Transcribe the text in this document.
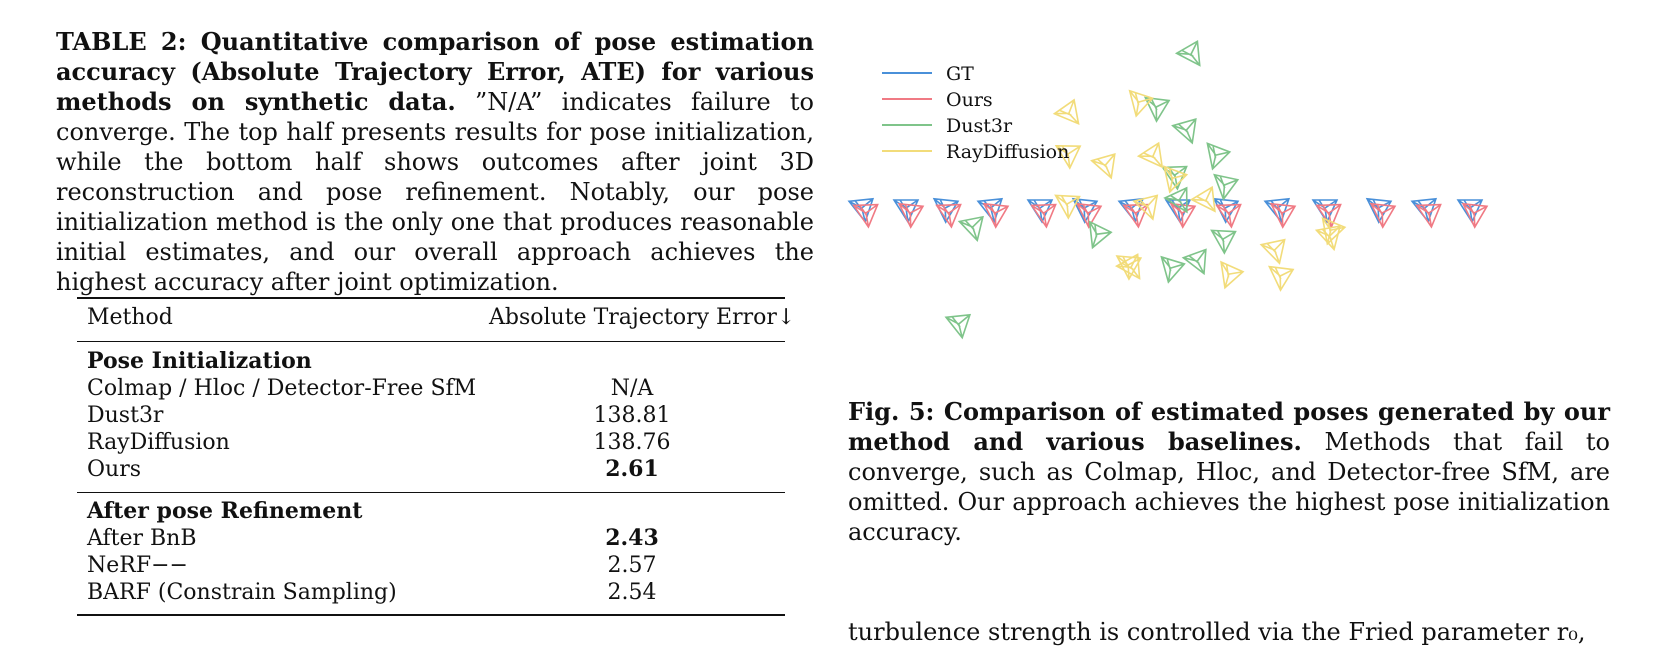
TABLE 2: Quantitative comparison of pose estimation accuracy (Absolute Trajectory Error, ATE) for various methods on synthetic data. ”N/A” indicates failure to converge. The top half presents results for pose initialization, while the bottom half shows outcomes after joint 3D reconstruction and pose refinement. Notably, our pose initialization method is the only one that produces reasonable initial estimates, and our overall approach achieves the highest accuracy after joint optimization.

Method	Absolute Trajectory Error↓
Pose Initialization
Colmap / Hloc / Detector-Free SfM	N/A
Dust3r	138.81
RayDiffusion	138.76
Ours	2.61
After pose Refinement
After BnB	2.43
NeRF−−	2.57
BARF (Constrain Sampling)	2.54
GT
Ours
Dust3r
RayDiffusion

Fig. 5: Comparison of estimated poses generated by our method and various baselines. Methods that fail to converge, such as Colmap, Hloc, and Detector-free SfM, are omitted. Our approach achieves the highest pose initialization accuracy.

turbulence strength is controlled via the Fried parameter r₀,
